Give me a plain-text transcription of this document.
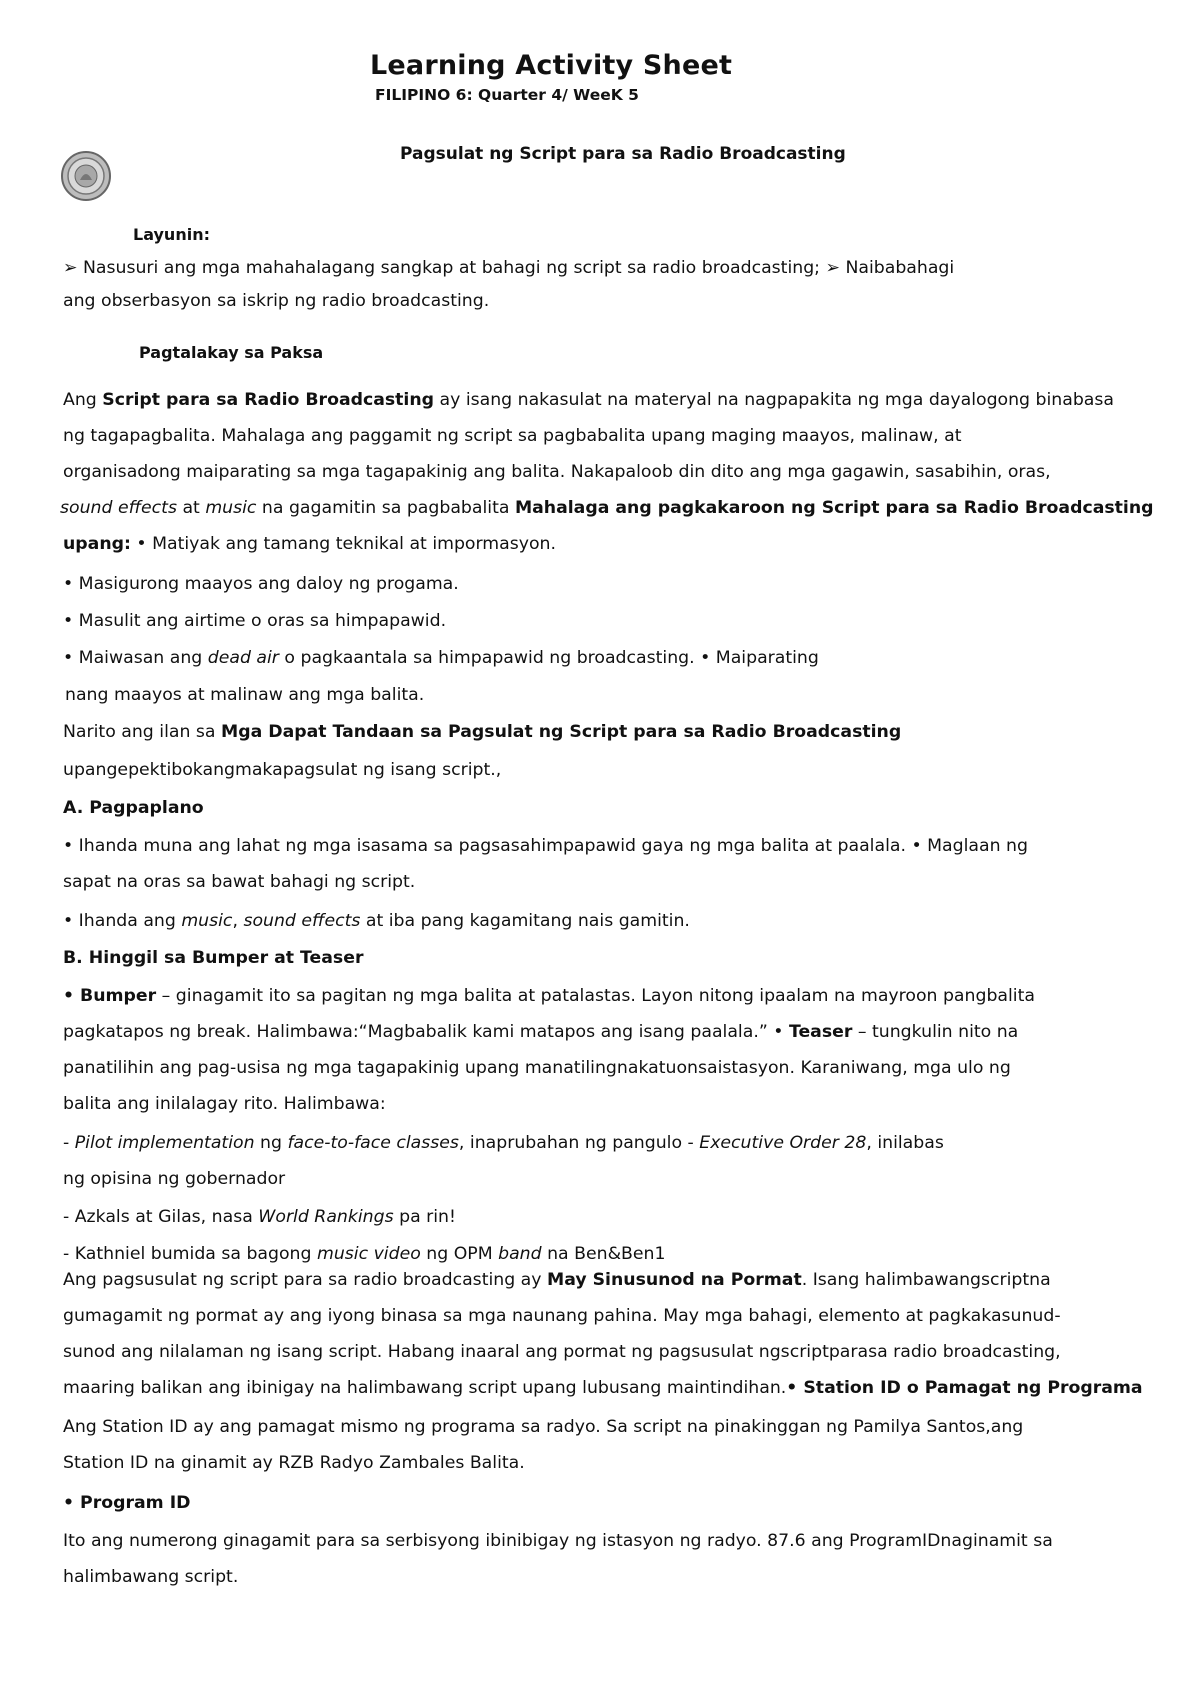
Learning Activity Sheet
FILIPINO 6: Quarter 4/ WeeK 5
Pagsulat ng Script para sa Radio Broadcasting
Layunin:
➢ Nasusuri ang mga mahahalagang sangkap at bahagi ng script sa radio broadcasting; ➢ Naibabahagi
ang obserbasyon sa iskrip ng radio broadcasting.
Pagtalakay sa Paksa
Ang Script para sa Radio Broadcasting ay isang nakasulat na materyal na nagpapakita ng mga dayalogong binabasa
ng tagapagbalita. Mahalaga ang paggamit ng script sa pagbabalita upang maging maayos, malinaw, at
organisadong maiparating sa mga tagapakinig ang balita. Nakapaloob din dito ang mga gagawin, sasabihin, oras,
sound effects at music na gagamitin sa pagbabalita Mahalaga ang pagkakaroon ng Script para sa Radio Broadcasting
upang: • Matiyak ang tamang teknikal at impormasyon.
• Masigurong maayos ang daloy ng progama.
• Masulit ang airtime o oras sa himpapawid.
• Maiwasan ang dead air o pagkaantala sa himpapawid ng broadcasting. • Maiparating
nang maayos at malinaw ang mga balita.
Narito ang ilan sa Mga Dapat Tandaan sa Pagsulat ng Script para sa Radio Broadcasting
upangepektibokangmakapagsulat ng isang script.,
A. Pagpaplano
• Ihanda muna ang lahat ng mga isasama sa pagsasahimpapawid gaya ng mga balita at paalala. • Maglaan ng
sapat na oras sa bawat bahagi ng script.
• Ihanda ang music, sound effects at iba pang kagamitang nais gamitin.
B. Hinggil sa Bumper at Teaser
• Bumper – ginagamit ito sa pagitan ng mga balita at patalastas. Layon nitong ipaalam na mayroon pangbalita
pagkatapos ng break. Halimbawa:“Magbabalik kami matapos ang isang paalala.” • Teaser – tungkulin nito na
panatilihin ang pag-usisa ng mga tagapakinig upang manatilingnakatuonsaistasyon. Karaniwang, mga ulo ng
balita ang inilalagay rito. Halimbawa:
- Pilot implementation ng face-to-face classes, inaprubahan ng pangulo - Executive Order 28, inilabas
ng opisina ng gobernador
- Azkals at Gilas, nasa World Rankings pa rin!
- Kathniel bumida sa bagong music video ng OPM band na Ben&Ben1
Ang pagsusulat ng script para sa radio broadcasting ay May Sinusunod na Pormat. Isang halimbawangscriptna
gumagamit ng pormat ay ang iyong binasa sa mga naunang pahina. May mga bahagi, elemento at pagkakasunud-
sunod ang nilalaman ng isang script. Habang inaaral ang pormat ng pagsusulat ngscriptparasa radio broadcasting,
maaring balikan ang ibinigay na halimbawang script upang lubusang maintindihan.• Station ID o Pamagat ng Programa
Ang Station ID ay ang pamagat mismo ng programa sa radyo. Sa script na pinakinggan ng Pamilya Santos,ang
Station ID na ginamit ay RZB Radyo Zambales Balita.
• Program ID
Ito ang numerong ginagamit para sa serbisyong ibinibigay ng istasyon ng radyo. 87.6 ang ProgramIDnaginamit sa
halimbawang script.
